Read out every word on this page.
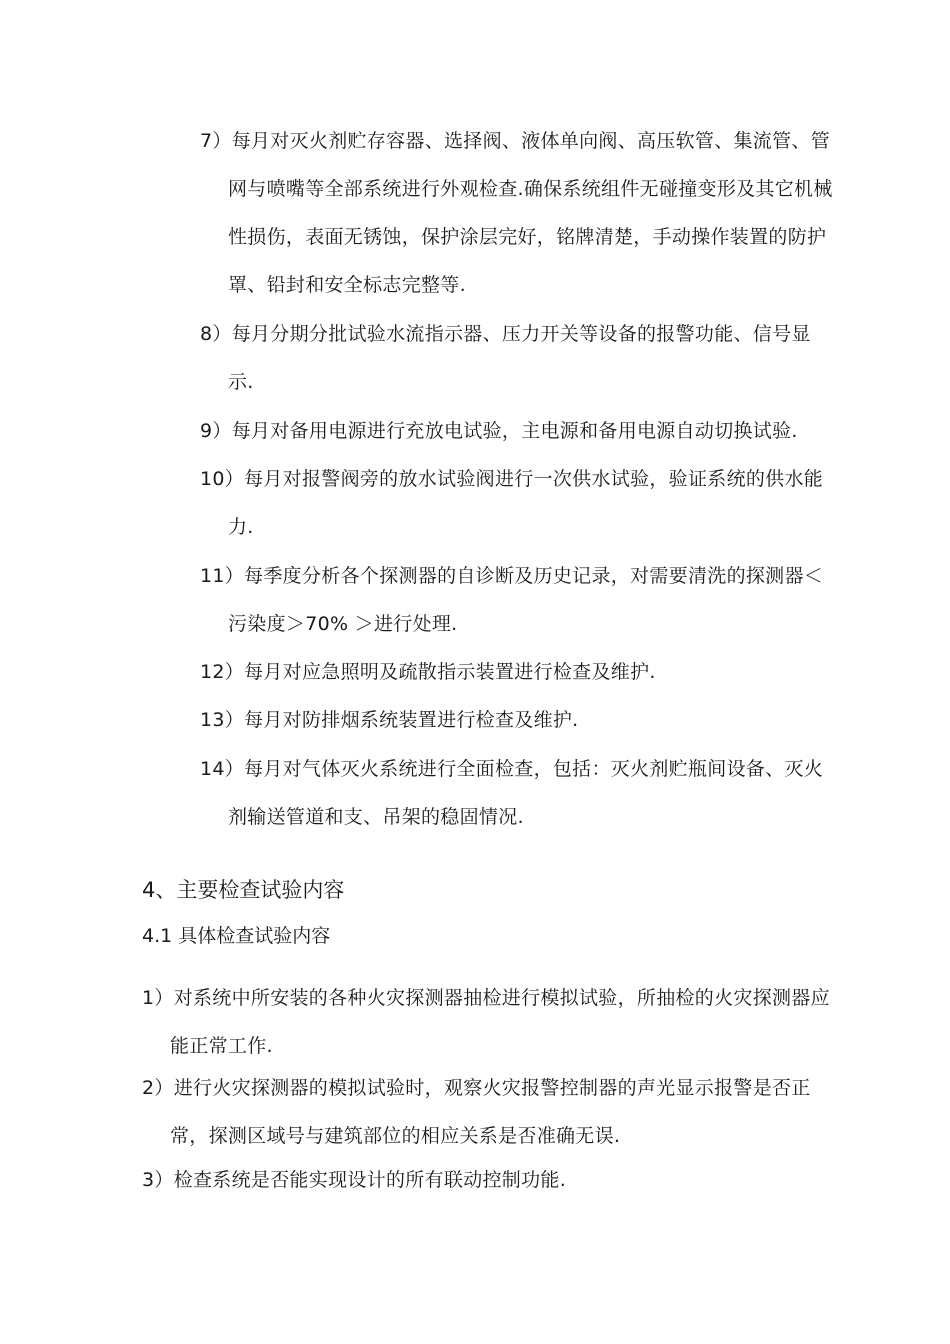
7）每月对灭火剂贮存容器、选择阀、液体单向阀、高压软管、集流管、管
网与喷嘴等全部系统进行外观检查.确保系统组件无碰撞变形及其它机械
性损伤，表面无锈蚀，保护涂层完好，铭牌清楚，手动操作装置的防护
罩、铅封和安全标志完整等.
8）每月分期分批试验水流指示器、压力开关等设备的报警功能、信号显
示.
9）每月对备用电源进行充放电试验，主电源和备用电源自动切换试验.
10）每月对报警阀旁的放水试验阀进行一次供水试验，验证系统的供水能
力.
11）每季度分析各个探测器的自诊断及历史记录，对需要清洗的探测器＜
污染度＞70% ＞进行处理.
12）每月对应急照明及疏散指示装置进行检查及维护.
13）每月对防排烟系统装置进行检查及维护.
14）每月对气体灭火系统进行全面检查，包括：灭火剂贮瓶间设备、灭火
剂输送管道和支、吊架的稳固情况.
4、主要检查试验内容
4.1 具体检查试验内容
1）对系统中所安装的各种火灾探测器抽检进行模拟试验，所抽检的火灾探测器应
能正常工作.
2）进行火灾探测器的模拟试验时，观察火灾报警控制器的声光显示报警是否正
常，探测区域号与建筑部位的相应关系是否准确无误.
3）检查系统是否能实现设计的所有联动控制功能.
